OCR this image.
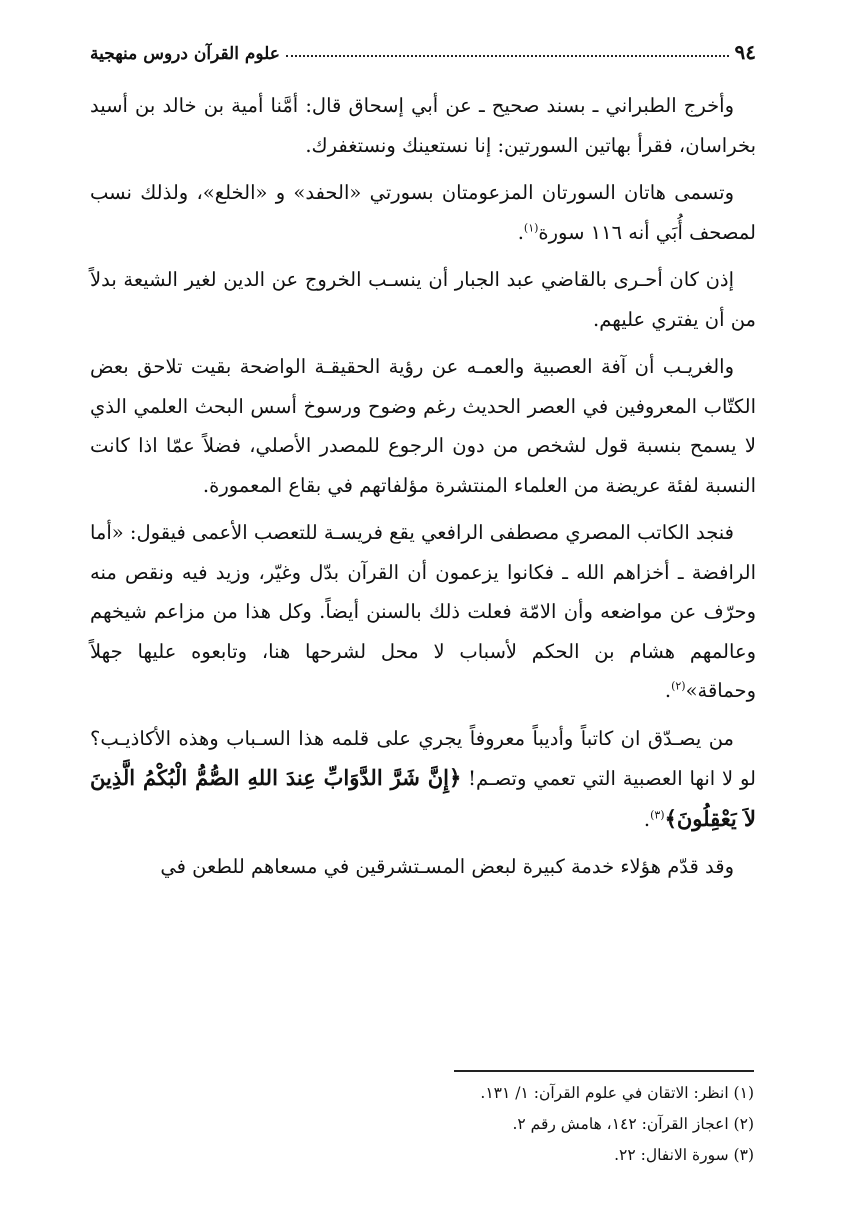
٩٤
علوم القرآن دروس منهجية

وأخرج الطبراني ـ بسند صحيح ـ عن أبي إسحاق قال: أمَّنا أمية بن خالد بن أسيد بخراسان، فقرأ بهاتين السورتين: إنا نستعينك ونستغفرك.

وتسمى هاتان السورتان المزعومتان بسورتي «الحفد» و «الخلع»، ولذلك نسب لمصحف أُبَي أنه ١١٦ سورة$^{(١)}$.

إذن كان أحـرى بالقاضي عبد الجبار أن ينسـب الخروج عن الدين لغير الشيعة بدلاً من أن يفتري عليهم.

والغريـب أن آفة العصبية والعمـه عن رؤية الحقيقـة الواضحة بقيت تلاحق بعض الكتّاب المعروفين في العصر الحديث رغم وضوح ورسوخ أسس البحث العلمي الذي لا يسمح بنسبة قول لشخص من دون الرجوع للمصدر الأصلي، فضلاً عمّا اذا كانت النسبة لفئة عريضة من العلماء المنتشرة مؤلفاتهم في بقاع المعمورة.

فنجد الكاتب المصري مصطفى الرافعي يقع فريسـة للتعصب الأعمى فيقول: «أما الرافضة ـ أخزاهم الله ـ فكانوا يزعمون أن القرآن بدّل وغيّر، وزيد فيه ونقص منه وحرّف عن مواضعه وأن الامّة فعلت ذلك بالسنن أيضاً. وكل هذا من مزاعم شيخهم وعالمهم هشام بن الحكم لأسباب لا محل لشرحها هنا، وتابعوه عليها جهلاً وحماقة»$^{(٢)}$.

من يصـدّق ان كاتباً وأديباً معروفاً يجري على قلمه هذا السـباب وهذه الأكاذيـب؟ لو لا انها العصبية التي تعمي وتصـم! ﴿إِنَّ شَرَّ الدَّوَابِّ عِندَ اللهِ الصُّمُّ الْبُكْمُ الَّذِينَ لاَ يَعْقِلُونَ﴾$^{(٣)}$.

وقد قدّم هؤلاء خدمة كبيرة لبعض المسـتشرقين في مسعاهم للطعن في

(١) انظر: الاتقان في علوم القرآن: ١/ ١٣١.
(٢) اعجاز القرآن: ١٤٢، هامش رقم ٢.
(٣) سورة الانفال: ٢٢.
